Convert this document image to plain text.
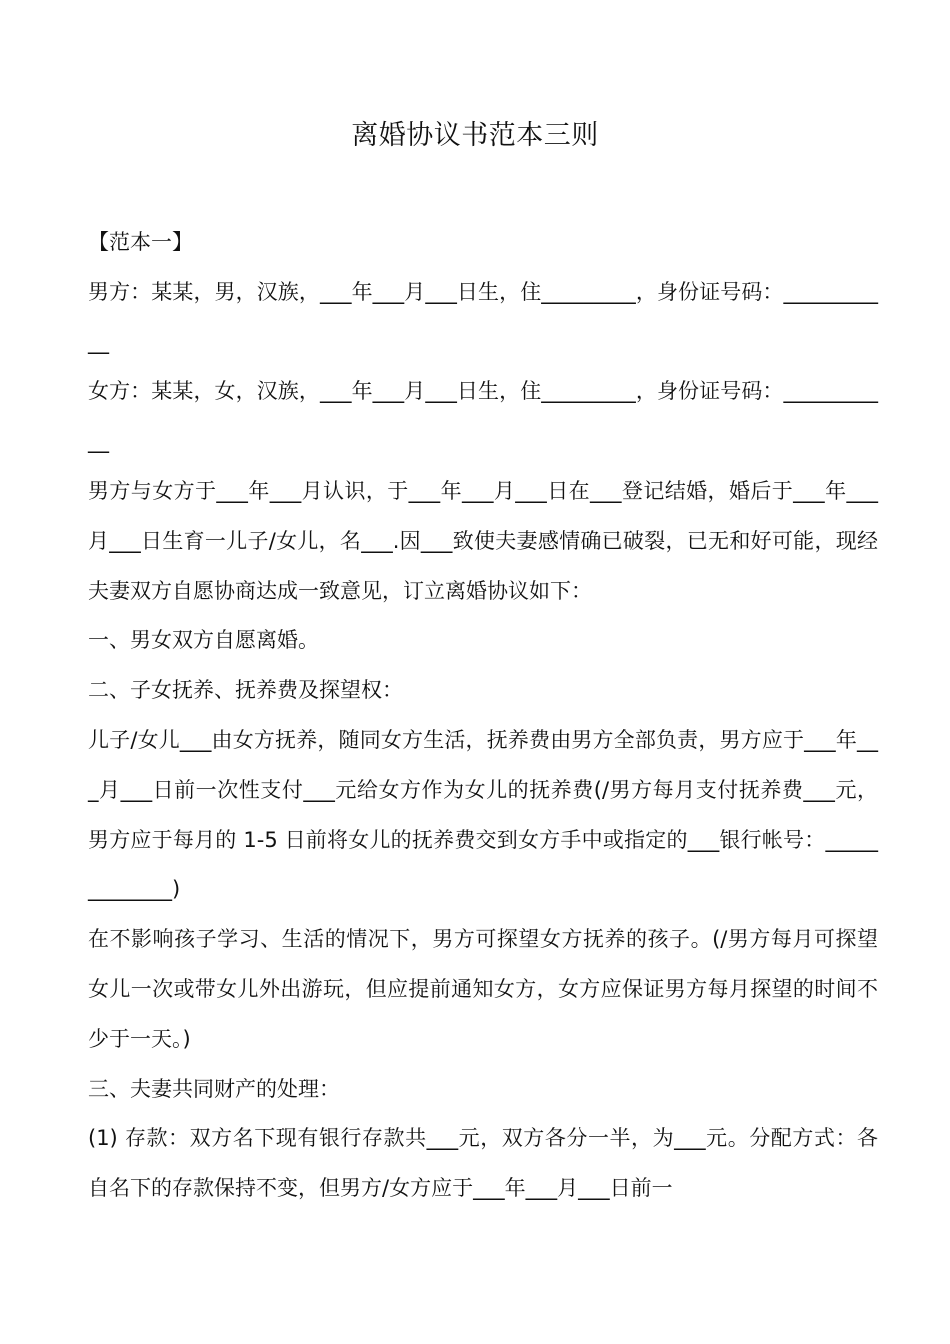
离婚协议书范本三则

【范本一】

男方：某某，男，汉族，___年___月___日生，住_________，身份证号码：___________

女方：某某，女，汉族，___年___月___日生，住_________，身份证号码：___________

男方与女方于___年___月认识，于___年___月___日在___登记结婚，婚后于___年___月___日生育一儿子/女儿，名___.因___致使夫妻感情确已破裂，已无和好可能，现经夫妻双方自愿协商达成一致意见，订立离婚协议如下：

一、男女双方自愿离婚。

二、子女抚养、抚养费及探望权：

儿子/女儿___由女方抚养，随同女方生活，抚养费由男方全部负责，男方应于___年___月___日前一次性支付___元给女方作为女儿的抚养费(/男方每月支付抚养费___元，男方应于每月的 1-5 日前将女儿的抚养费交到女方手中或指定的___银行帐号：_____________)

在不影响孩子学习、生活的情况下，男方可探望女方抚养的孩子。(/男方每月可探望女儿一次或带女儿外出游玩，但应提前通知女方，女方应保证男方每月探望的时间不少于一天。)

三、夫妻共同财产的处理：

(1) 存款：双方名下现有银行存款共___元，双方各分一半，为___元。分配方式：各自名下的存款保持不变，但男方/女方应于___年___月___日前一
